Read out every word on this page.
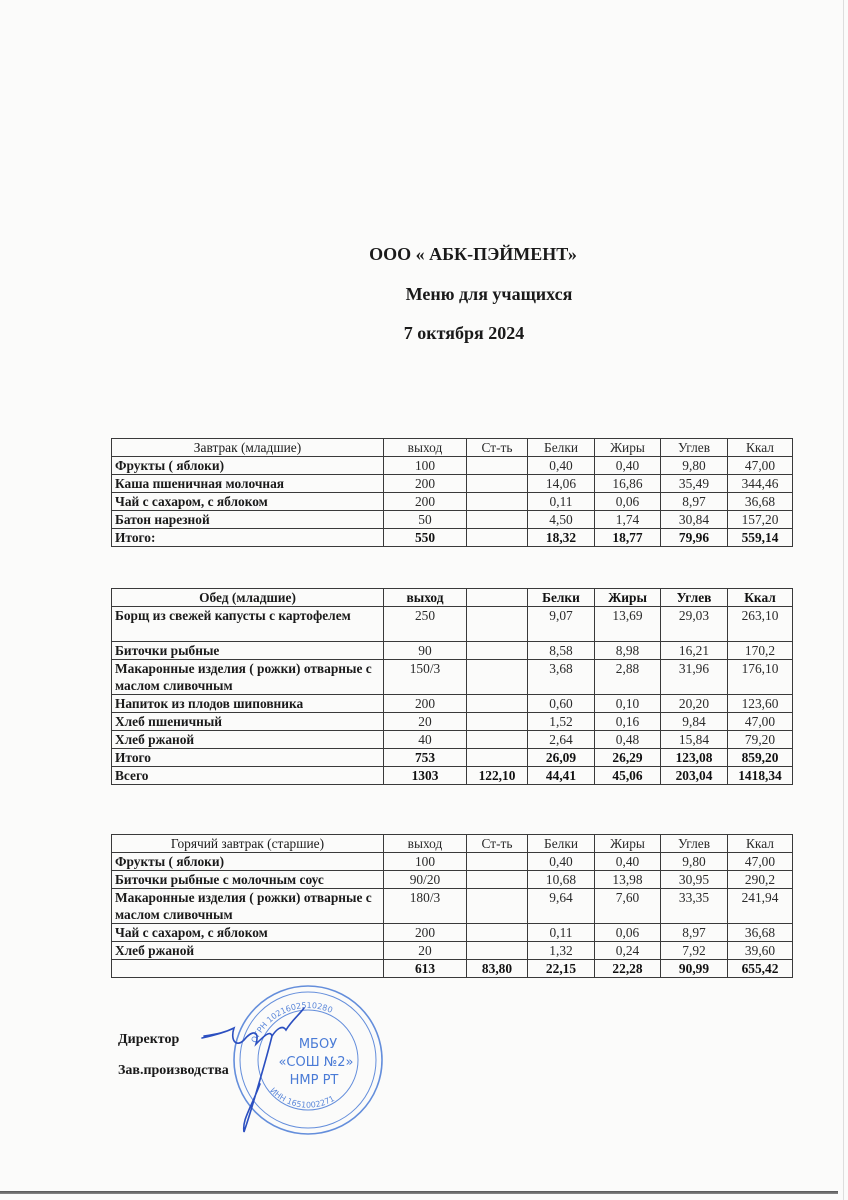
ООО « АБК-ПЭЙМЕНТ»
Меню для учащихся
7 октября 2024
Завтрак (младшие)	выход	Ст-ть	Белки	Жиры	Углев	Ккал
Фрукты ( яблоки)	100		0,40	0,40	9,80	47,00
Каша пшеничная молочная	200		14,06	16,86	35,49	344,46
Чай с сахаром, с яблоком	200		0,11	0,06	8,97	36,68
Батон нарезной	50		4,50	1,74	30,84	157,20
Итого:	550		18,32	18,77	79,96	559,14
Обед (младшие)	выход		Белки	Жиры	Углев	Ккал
Борщ из свежей капусты с картофелем	250		9,07	13,69	29,03	263,10
Биточки рыбные	90		8,58	8,98	16,21	170,2
Макаронные изделия ( рожки) отварные с маслом сливочным	150/3		3,68	2,88	31,96	176,10
Напиток из плодов шиповника	200		0,60	0,10	20,20	123,60
Хлеб пшеничный	20		1,52	0,16	9,84	47,00
Хлеб ржаной	40		2,64	0,48	15,84	79,20
Итого	753		26,09	26,29	123,08	859,20
Всего	1303	122,10	44,41	45,06	203,04	1418,34
Горячий завтрак (старшие)	выход	Ст-ть	Белки	Жиры	Углев	Ккал
Фрукты ( яблоки)	100		0,40	0,40	9,80	47,00
Биточки рыбные с молочным соус	90/20		10,68	13,98	30,95	290,2
Макаронные изделия ( рожки) отварные с маслом сливочным	180/3		9,64	7,60	33,35	241,94
Чай с сахаром, с яблоком	200		0,11	0,06	8,97	36,68
Хлеб ржаной	20		1,32	0,24	7,92	39,60
	613	83,80	22,15	22,28	90,99	655,42
Директор
Зав.производства
ОГРН 1021602510280
ИНН 1651002271
МБОУ
«СОШ №2»
НМР РТ
